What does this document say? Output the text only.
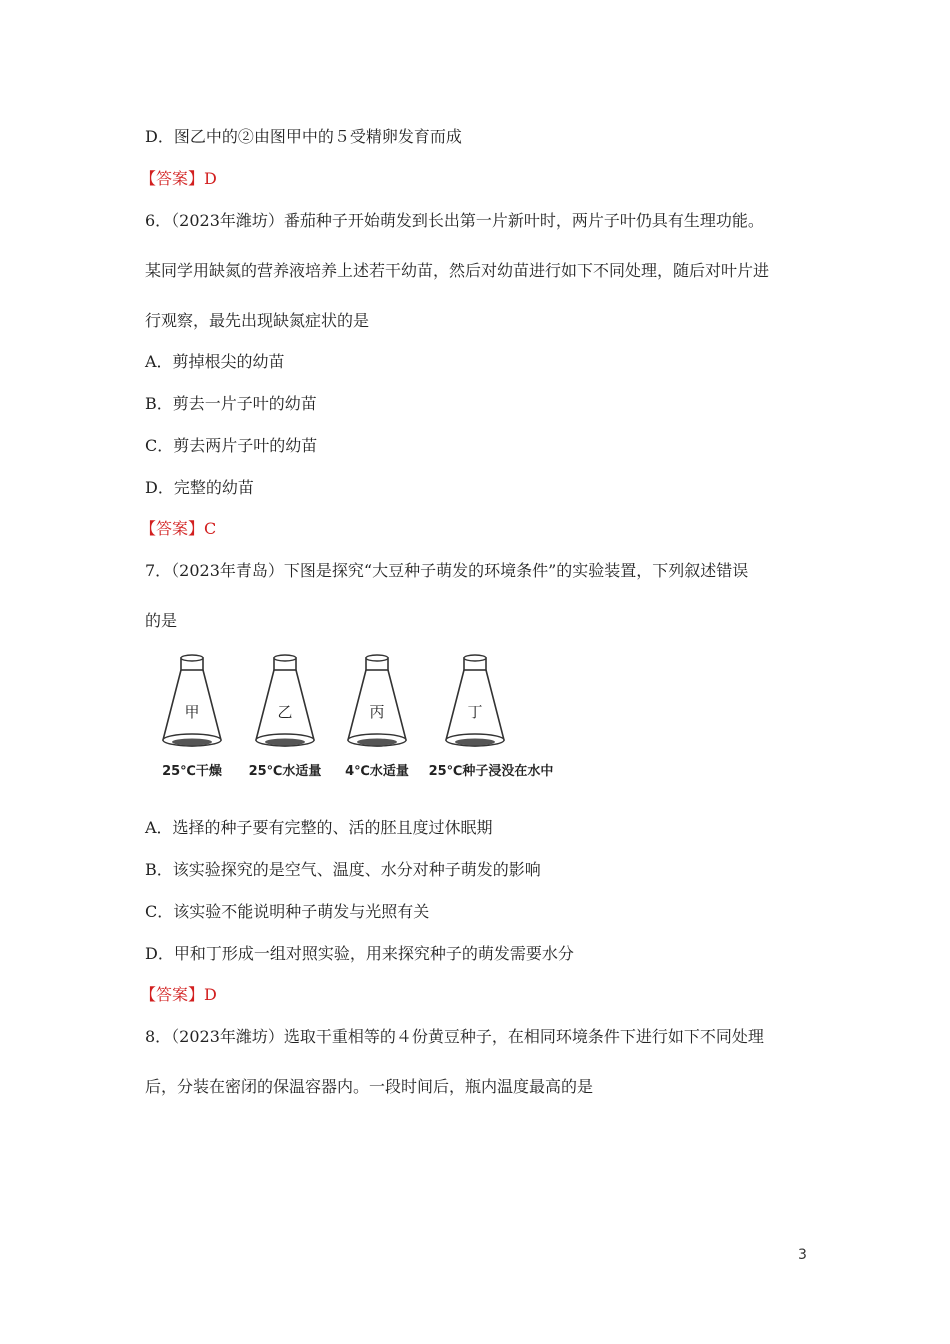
D．图乙中的②由图甲中的５受精卵发育而成
【答案】D
6．（2023年潍坊）番茄种子开始萌发到长出第一片新叶时，两片子叶仍具有生理功能。
某同学用缺氮的营养液培养上述若干幼苗，然后对幼苗进行如下不同处理，随后对叶片进
行观察，最先出现缺氮症状的是
A．剪掉根尖的幼苗
B．剪去一片子叶的幼苗
C．剪去两片子叶的幼苗
D．完整的幼苗
【答案】C
7．（2023年青岛）下图是探究“大豆种子萌发的环境条件”的实验装置，下列叙述错误
的是
甲
25℃干燥
乙
25℃水适量
丙
4℃水适量
丁
25℃种子浸没在水中
A．选择的种子要有完整的、活的胚且度过休眠期
B．该实验探究的是空气、温度、水分对种子萌发的影响
C．该实验不能说明种子萌发与光照有关
D．甲和丁形成一组对照实验，用来探究种子的萌发需要水分
【答案】D
8．（2023年潍坊）选取干重相等的４份黄豆种子，在相同环境条件下进行如下不同处理
后，分装在密闭的保温容器内。一段时间后，瓶内温度最高的是
3
